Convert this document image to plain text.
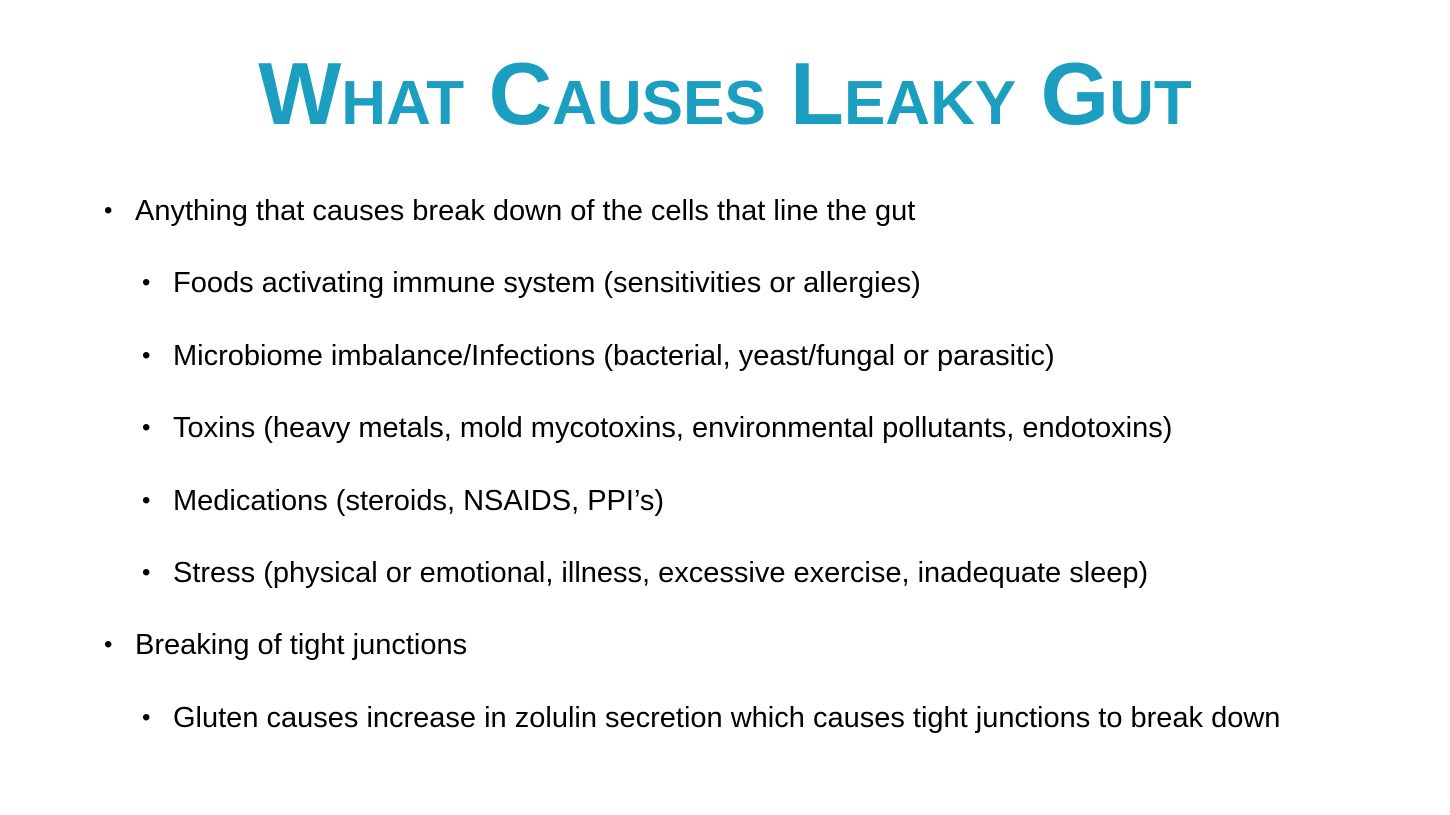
What Causes Leaky Gut
• Anything that causes break down of the cells that line the gut
• Foods activating immune system (sensitivities or allergies)
• Microbiome imbalance/Infections (bacterial, yeast/fungal or parasitic)
• Toxins (heavy metals, mold mycotoxins, environmental pollutants, endotoxins)
• Medications (steroids, NSAIDS, PPI’s)
• Stress (physical or emotional, illness, excessive exercise, inadequate sleep)
• Breaking of tight junctions
• Gluten causes increase in zolulin secretion which causes tight junctions to break down
